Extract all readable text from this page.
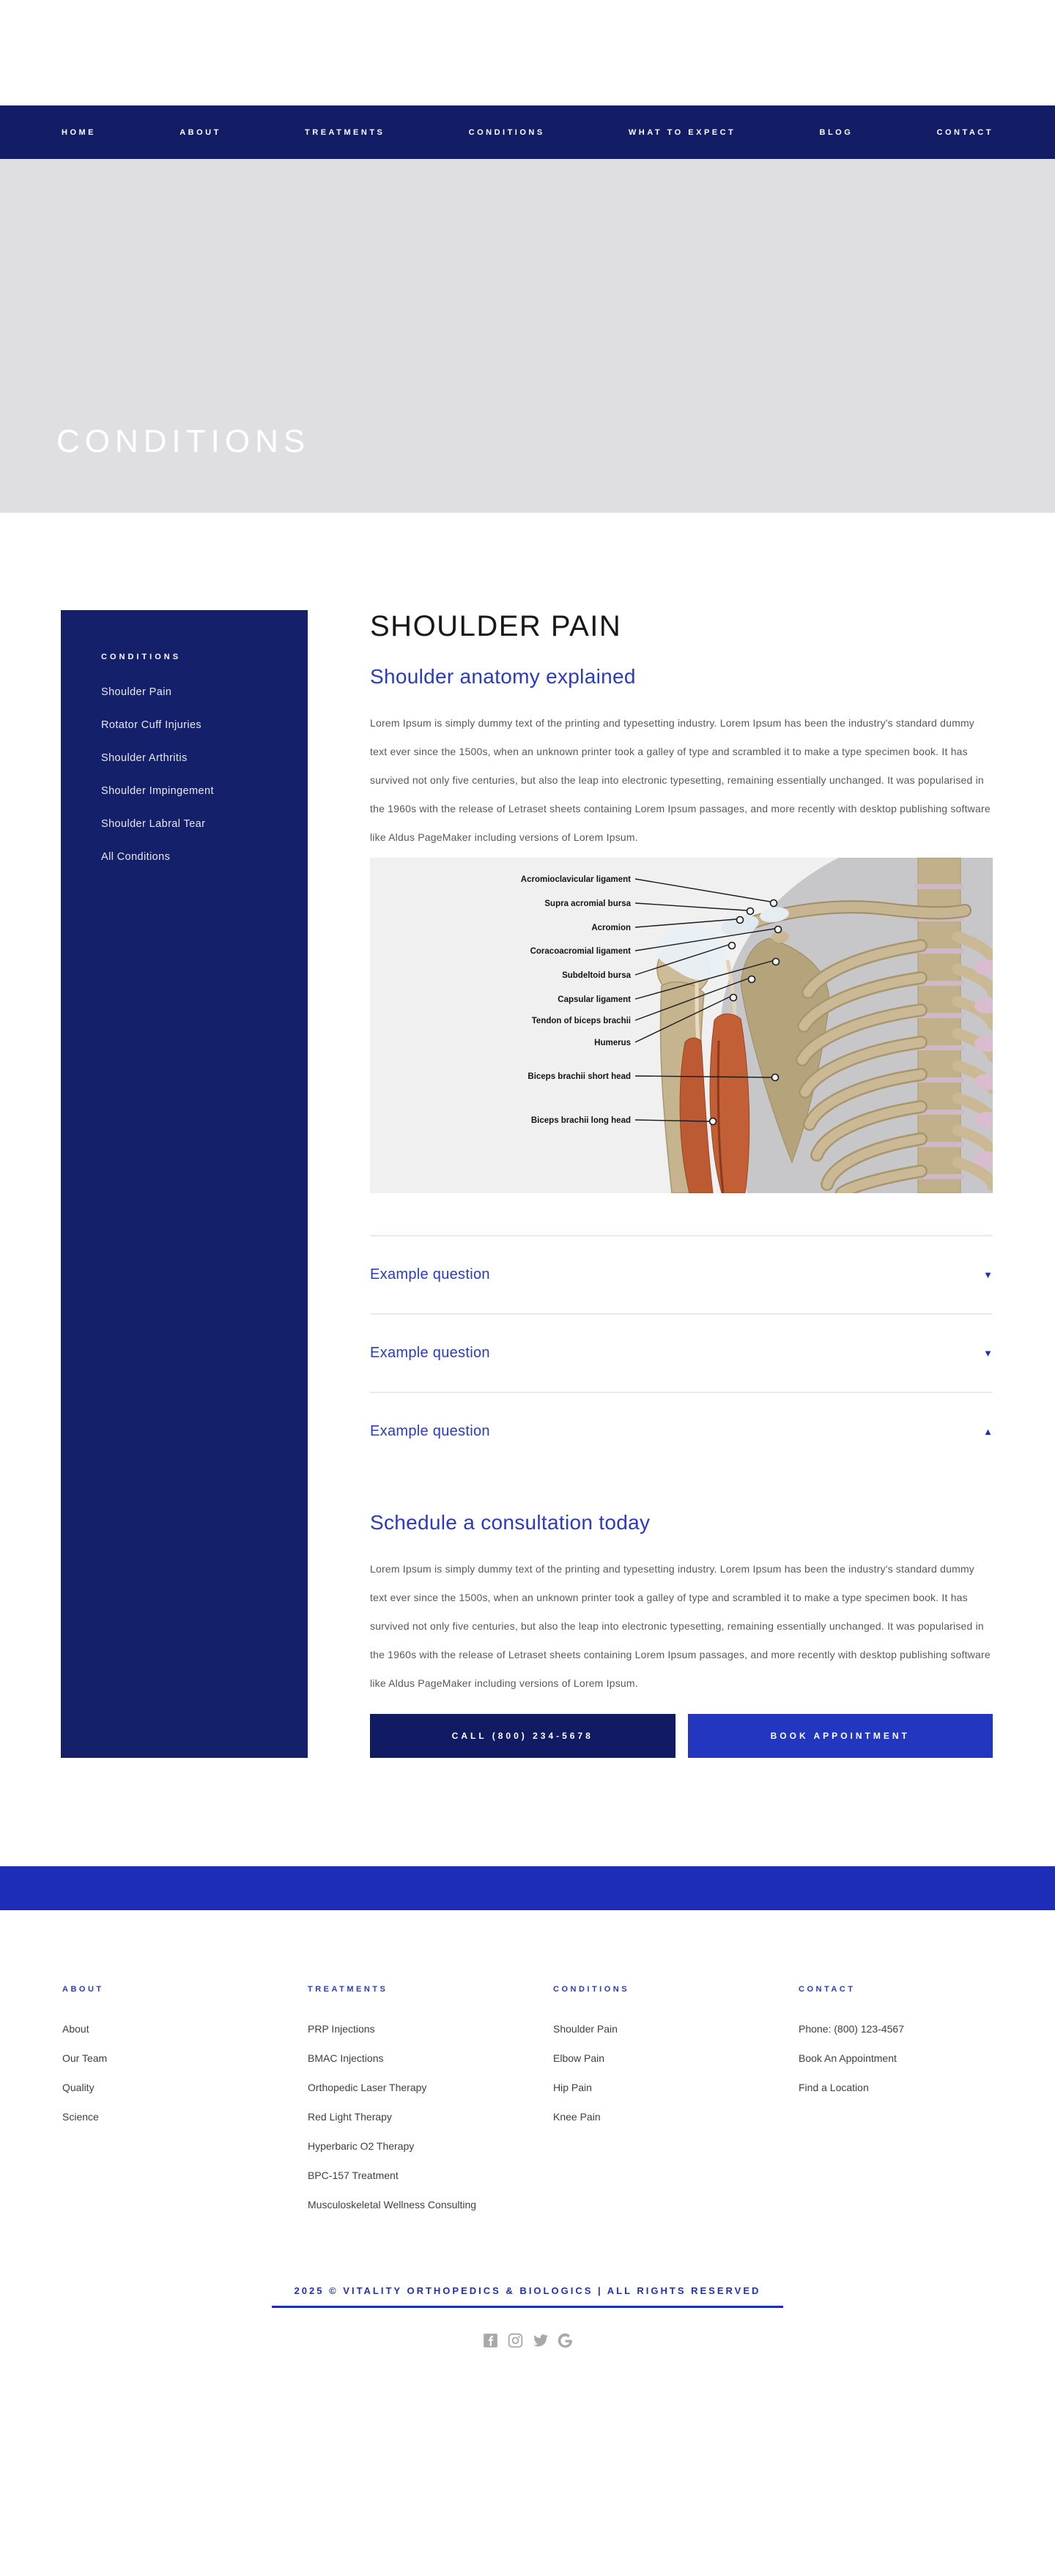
HOME	ABOUT	TREATMENTS	CONDITIONS	WHAT TO EXPECT	BLOG	CONTACT
CONDITIONS
CONDITIONS
Shoulder Pain
Rotator Cuff Injuries
Shoulder Arthritis
Shoulder Impingement
Shoulder Labral Tear
All Conditions
SHOULDER PAIN
Shoulder anatomy explained

Lorem Ipsum is simply dummy text of the printing and typesetting industry. Lorem Ipsum has been the industry's standard dummy text ever since the 1500s, when an unknown printer took a galley of type and scrambled it to make a type specimen book. It has survived not only five centuries, but also the leap into electronic typesetting, remaining essentially unchanged. It was popularised in the 1960s with the release of Letraset sheets containing Lorem Ipsum passages, and more recently with desktop publishing software like Aldus PageMaker including versions of Lorem Ipsum.

Acromioclavicular ligament
Supra acromial bursa
Acromion
Coracoacromial ligament
Subdeltoid bursa
Capsular ligament
Tendon of biceps brachii
Humerus
Biceps brachii short head
Biceps brachii long head
Example question	▼
Example question	▼
Example question	▲
Schedule a consultation today

Lorem Ipsum is simply dummy text of the printing and typesetting industry. Lorem Ipsum has been the industry's standard dummy text ever since the 1500s, when an unknown printer took a galley of type and scrambled it to make a type specimen book. It has survived not only five centuries, but also the leap into electronic typesetting, remaining essentially unchanged. It was popularised in the 1960s with the release of Letraset sheets containing Lorem Ipsum passages, and more recently with desktop publishing software like Aldus PageMaker including versions of Lorem Ipsum.

CALL (800) 234-5678	BOOK APPOINTMENT
ABOUT
About
Our Team
Quality
Science
TREATMENTS
PRP Injections
BMAC Injections
Orthopedic Laser Therapy
Red Light Therapy
Hyperbaric O2 Therapy
BPC-157 Treatment
Musculoskeletal Wellness Consulting
CONDITIONS
Shoulder Pain
Elbow Pain
Hip Pain
Knee Pain
CONTACT
Phone: (800) 123-4567
Book An Appointment
Find a Location
2025 © VITALITY ORTHOPEDICS & BIOLOGICS | ALL RIGHTS RESERVED
